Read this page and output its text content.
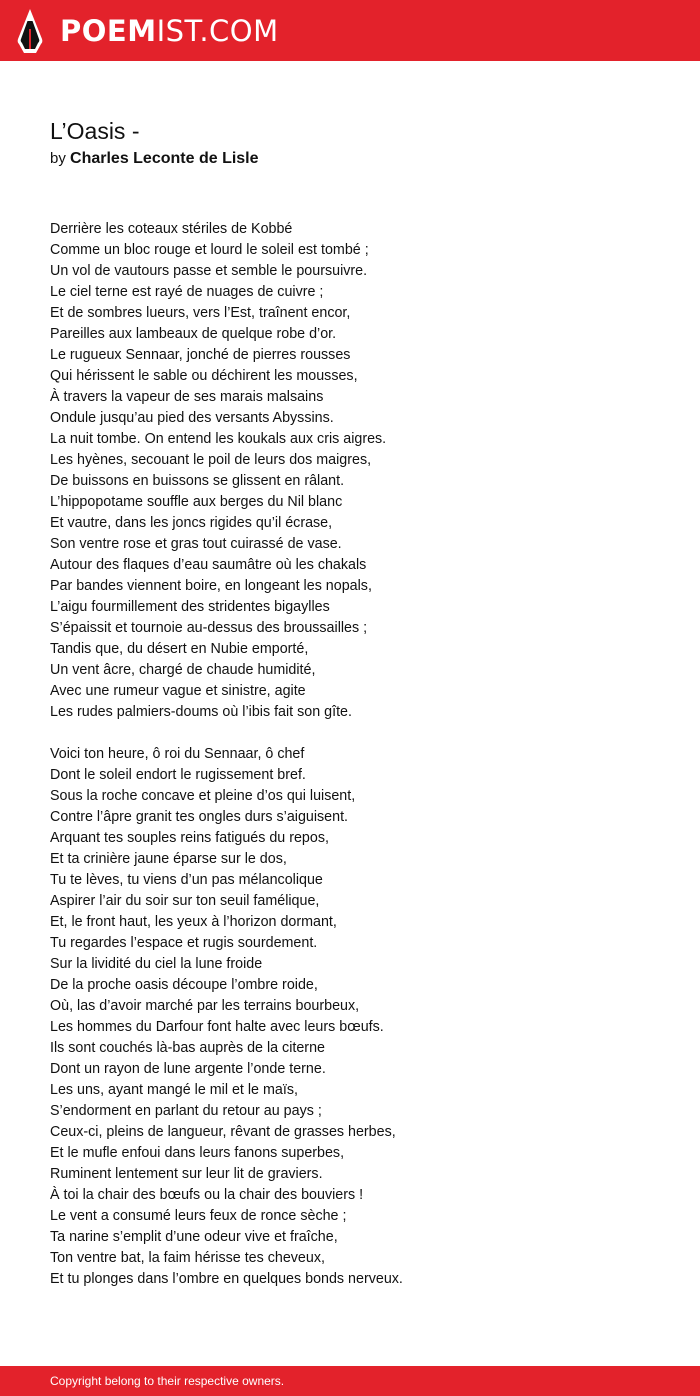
POEMIST.COM
L’Oasis -
by Charles Leconte de Lisle

Derrière les coteaux stériles de Kobbé
Comme un bloc rouge et lourd le soleil est tombé ;
Un vol de vautours passe et semble le poursuivre.
Le ciel terne est rayé de nuages de cuivre ;
Et de sombres lueurs, vers l’Est, traînent encor,
Pareilles aux lambeaux de quelque robe d’or.
Le rugueux Sennaar, jonché de pierres rousses
Qui hérissent le sable ou déchirent les mousses,
À travers la vapeur de ses marais malsains
Ondule jusqu’au pied des versants Abyssins.
La nuit tombe. On entend les koukals aux cris aigres.
Les hyènes, secouant le poil de leurs dos maigres,
De buissons en buissons se glissent en râlant.
L’hippopotame souffle aux berges du Nil blanc
Et vautre, dans les joncs rigides qu’il écrase,
Son ventre rose et gras tout cuirassé de vase.
Autour des flaques d’eau saumâtre où les chakals
Par bandes viennent boire, en longeant les nopals,
L’aigu fourmillement des stridentes bigaylles
S’épaissit et tournoie au-dessus des broussailles ;
Tandis que, du désert en Nubie emporté,
Un vent âcre, chargé de chaude humidité,
Avec une rumeur vague et sinistre, agite
Les rudes palmiers-doums où l’ibis fait son gîte.

Voici ton heure, ô roi du Sennaar, ô chef
Dont le soleil endort le rugissement bref.
Sous la roche concave et pleine d’os qui luisent,
Contre l’âpre granit tes ongles durs s’aiguisent.
Arquant tes souples reins fatigués du repos,
Et ta crinière jaune éparse sur le dos,
Tu te lèves, tu viens d’un pas mélancolique
Aspirer l’air du soir sur ton seuil famélique,
Et, le front haut, les yeux à l’horizon dormant,
Tu regardes l’espace et rugis sourdement.
Sur la lividité du ciel la lune froide
De la proche oasis découpe l’ombre roide,
Où, las d’avoir marché par les terrains bourbeux,
Les hommes du Darfour font halte avec leurs bœufs.
Ils sont couchés là-bas auprès de la citerne
Dont un rayon de lune argente l’onde terne.
Les uns, ayant mangé le mil et le maïs,
S’endorment en parlant du retour au pays ;
Ceux-ci, pleins de langueur, rêvant de grasses herbes,
Et le mufle enfoui dans leurs fanons superbes,
Ruminent lentement sur leur lit de graviers.
À toi la chair des bœufs ou la chair des bouviers !
Le vent a consumé leurs feux de ronce sèche ;
Ta narine s’emplit d’une odeur vive et fraîche,
Ton ventre bat, la faim hérisse tes cheveux,
Et tu plonges dans l’ombre en quelques bonds nerveux.

Copyright belong to their respective owners.
